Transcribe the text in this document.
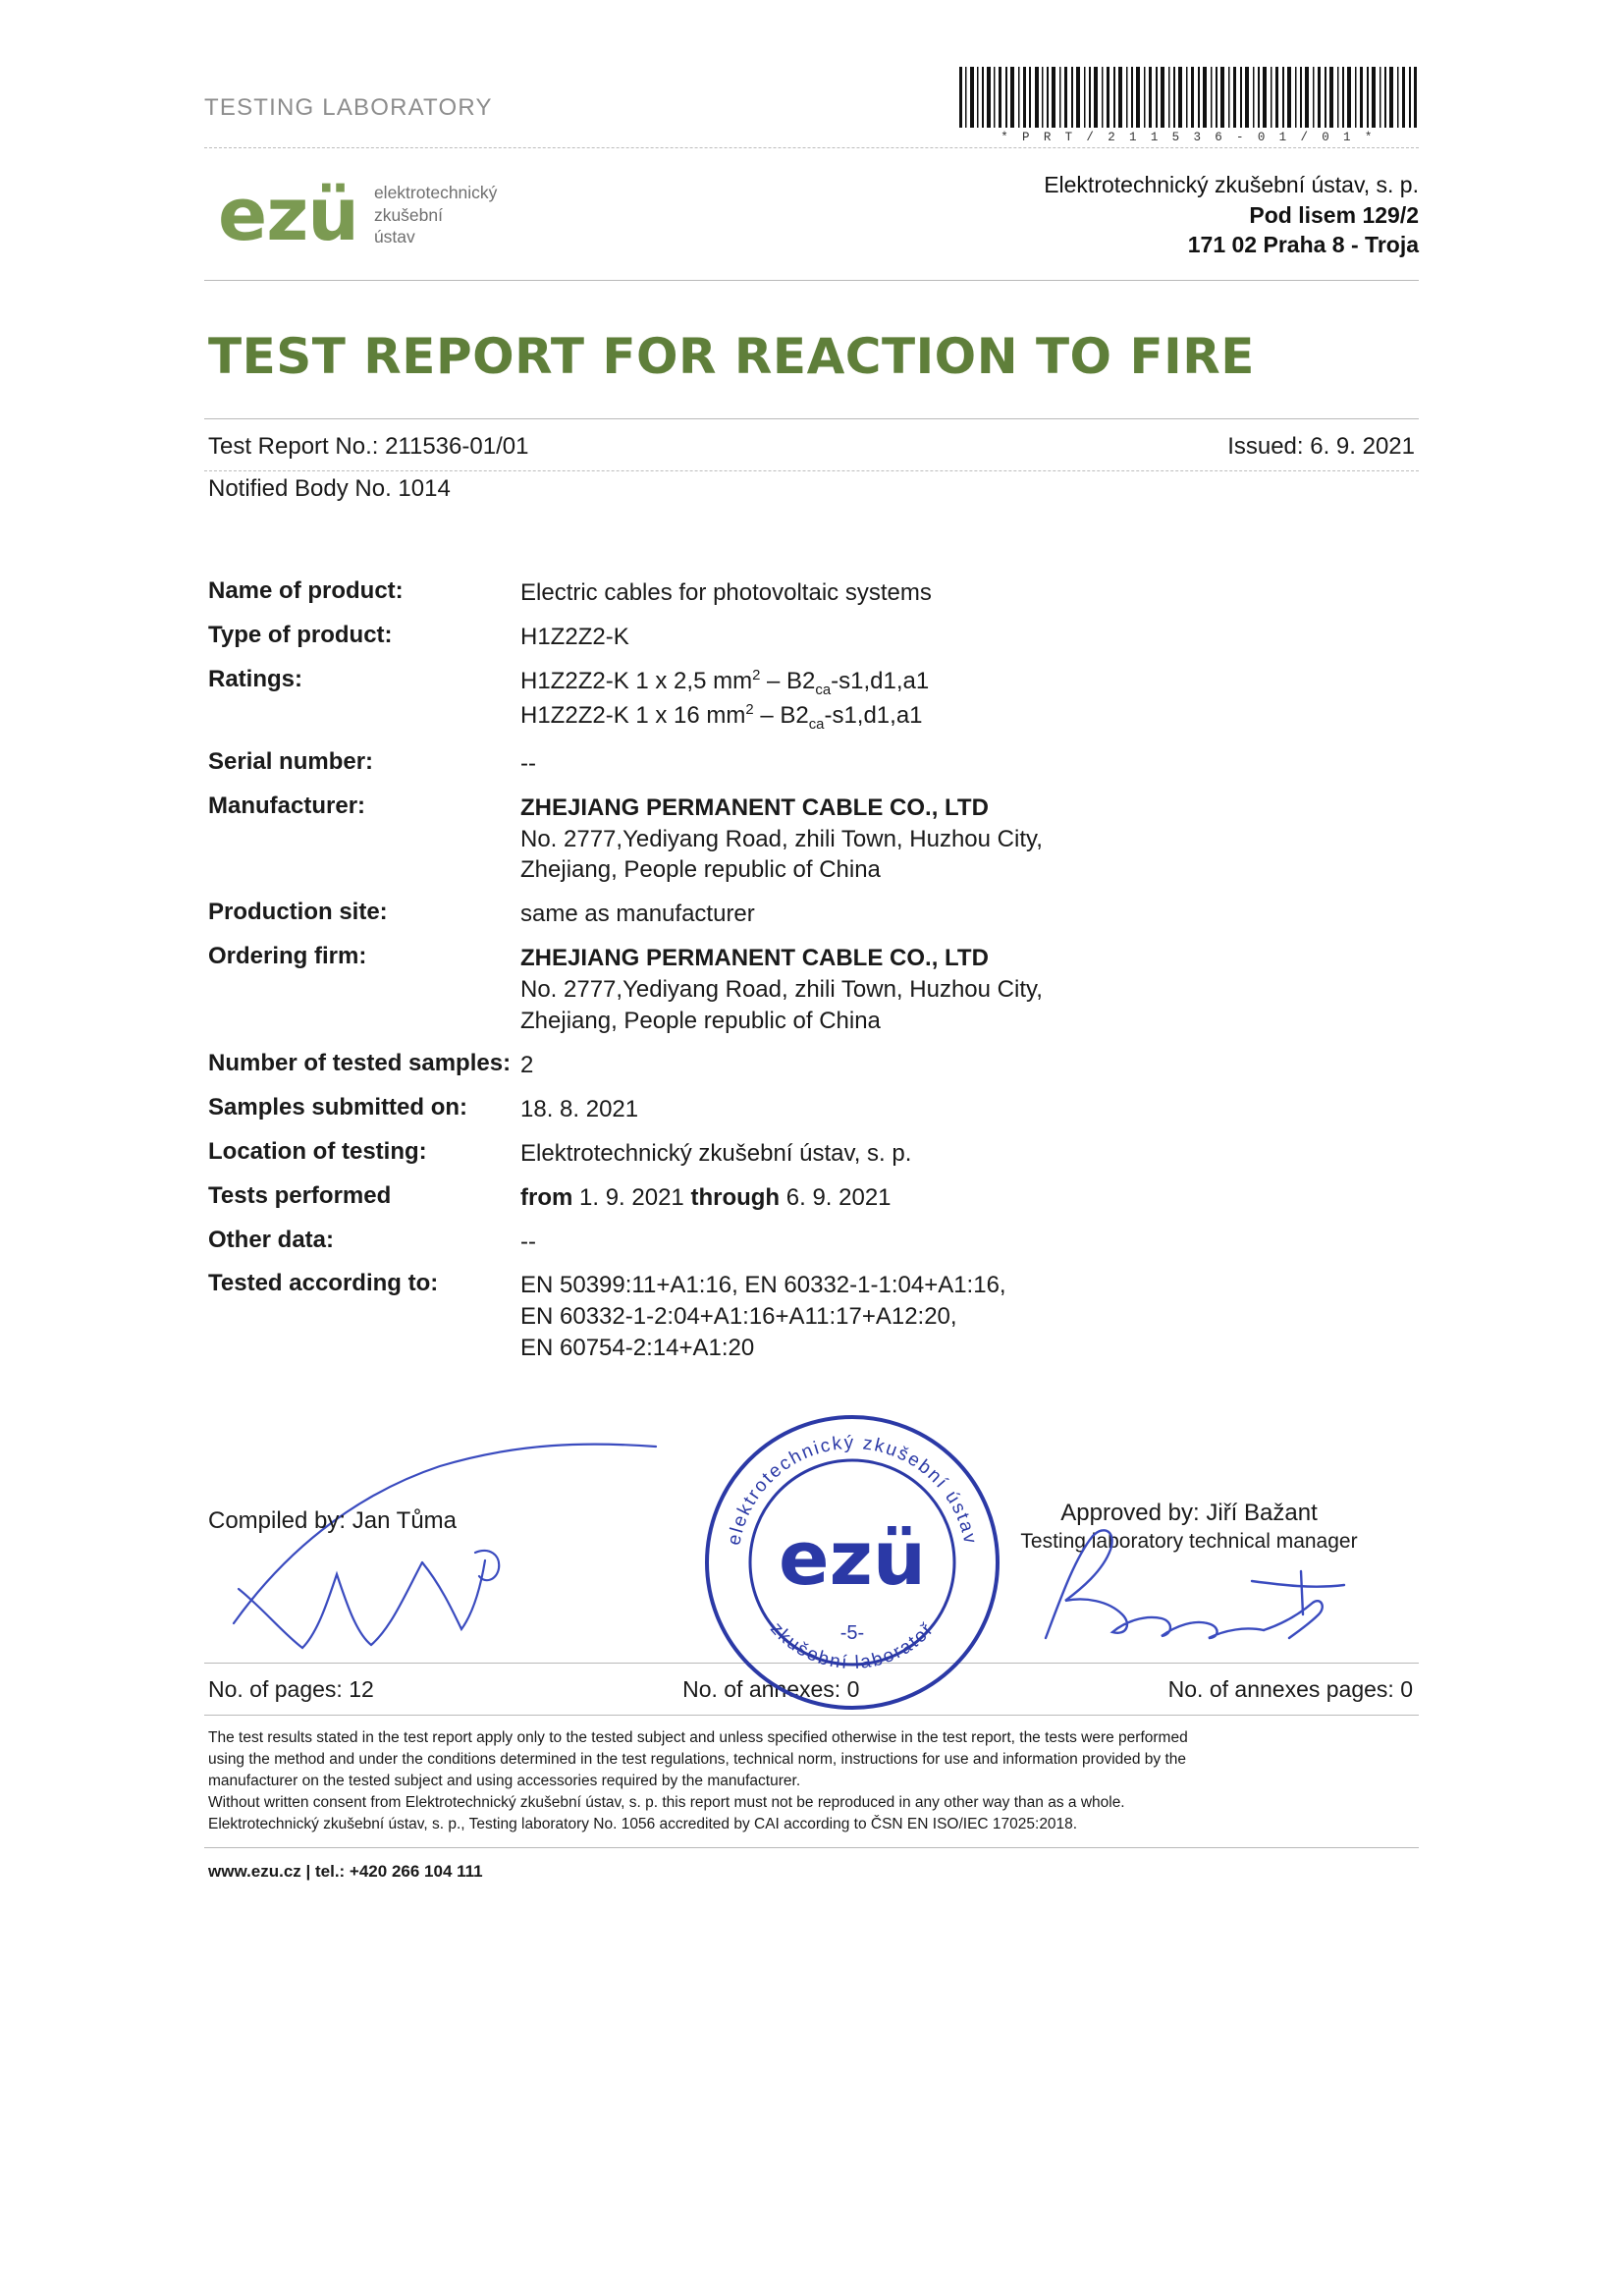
TESTING LABORATORY
* P R T / 2 1 1 5 3 6 - 0 1 / 0 1 *
ezü elektrotechnický
zkušební
ústav
Elektrotechnický zkušební ústav, s. p.
Pod lisem 129/2
171 02 Praha 8 - Troja
TEST REPORT FOR REACTION TO FIRE
Test Report No.: 211536-01/01	Issued: 6. 9. 2021
Notified Body No. 1014
Name of product:	Electric cables for photovoltaic systems
Type of product:	H1Z2Z2-K
Ratings:	H1Z2Z2-K 1 x 2,5 $mm^2 - B2_{ca}-s1,d1,a1$
H1Z2Z2-K 1 x 16 $mm^2 - B2_{ca}-s1,d1,a1$
Serial number:	--
Manufacturer:	ZHEJIANG PERMANENT CABLE CO., LTD
No. 2777,Yediyang Road, zhili Town, Huzhou City,
Zhejiang, People republic of China
Production site:	same as manufacturer
Ordering firm:	ZHEJIANG PERMANENT CABLE CO., LTD
No. 2777,Yediyang Road, zhili Town, Huzhou City,
Zhejiang, People republic of China
Number of tested samples: 2
Samples submitted on:	18. 8. 2021
Location of testing:	Elektrotechnický zkušební ústav, s. p.
Tests performed	from 1. 9. 2021 through 6. 9. 2021
Other data:	--
Tested according to:	EN 50399:11+A1:16, EN 60332-1-1:04+A1:16,
EN 60332-1-2:04+A1:16+A11:17+A12:20,
EN 60754-2:14+A1:20
elektrotechnický zkušební ústav
zkušební laboratoř
ezü
-5-
Compiled by: Jan Tůma	Approved by: Jiří Bažant
Testing laboratory technical manager
No. of pages: 12	No. of annexes: 0	No. of annexes pages: 0
The test results stated in the test report apply only to the tested subject and unless specified otherwise in the test report, the tests were performed
using the method and under the conditions determined in the test regulations, technical norm, instructions for use and information provided by the
manufacturer on the tested subject and using accessories required by the manufacturer.
Without written consent from Elektrotechnický zkušební ústav, s. p. this report must not be reproduced in any other way than as a whole.
Elektrotechnický zkušební ústav, s. p., Testing laboratory No. 1056 accredited by CAI according to ČSN EN ISO/IEC 17025:2018.
www.ezu.cz | tel.: +420 266 104 111
